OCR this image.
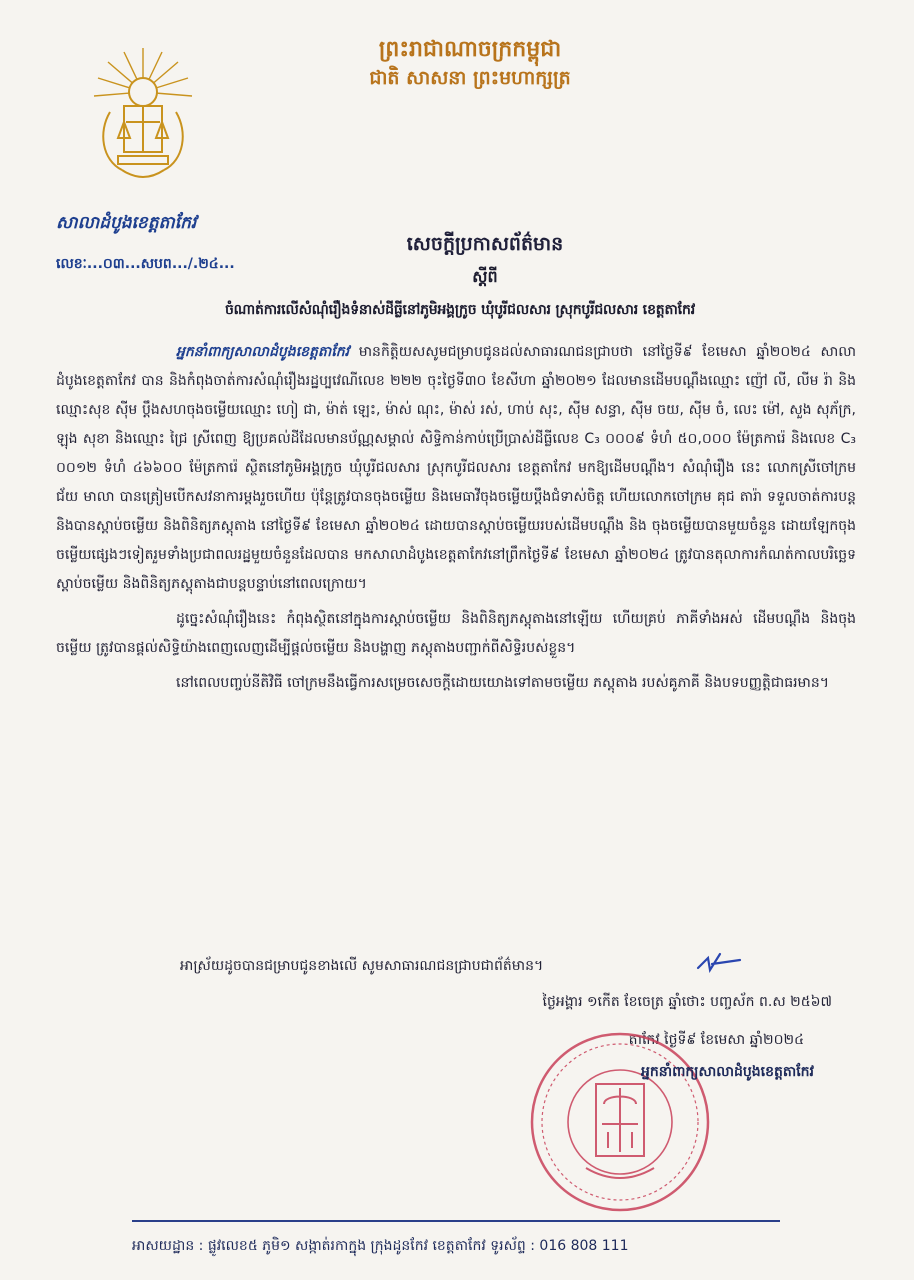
ព្រះរាជាណាចក្រកម្ពុជា
ជាតិ សាសនា ព្រះមហាក្សត្រ
សាលាដំបូងខេត្តតាកែវ
លេខៈ...០៣...សបព.../.២៤...
សេចក្តីប្រកាសព័ត៌មាន
ស្តីពី
ចំណាត់ការលើសំណុំរឿងទំនាស់ដីធ្លីនៅភូមិអង្គក្រូច ឃុំបូរីជលសារ ស្រុកបូរីជលសារ ខេត្តតាកែវ

អ្នកនាំពាក្យសាលាដំបូងខេត្តតាកែវ មានកិត្តិយសសូមជម្រាបជូនដល់សាធារណជនជ្រាបថា នៅថ្ងៃទី៩ ខែមេសា ឆ្នាំ២០២៤ សាលាដំបូងខេត្តតាកែវ បាន និងកំពុងចាត់ការសំណុំរឿងរដ្ឋប្បវេណីលេខ ២២២ ចុះថ្ងៃទី៣០ ខែសីហា ឆ្នាំ២០២១ ដែលមានដើមបណ្តឹងឈ្មោះ ញ៉ៅ លី, លីម រ៉ា និងឈ្មោះសុខ ស៊ីម ប្តឹងសហចុងចម្លើយឈ្មោះ ហៀ ជា, ម៉ាត់ ឡេះ, ម៉ាស់ ណុះ, ម៉ាស់ រស់, ហាប់ សុះ, ស៊ីម សន្ធា, ស៊ីម ចយ, ស៊ីម ចំ, លេះ ម៉ៅ, សួង សុភ័ក្រ, ឡុង សុខា និងឈ្មោះ ជ្រៃ ស្រីពេញ ឱ្យប្រគល់ដីដែលមានប័ណ្ណសម្គាល់ សិទ្ធិកាន់កាប់ប្រើប្រាស់ដីធ្លីលេខ C₃ ០០០៩ ទំហំ ៥០,០០០ ម៉ែត្រការ៉េ និងលេខ C₃ ០០១២ ទំហំ ៤៦៦០០ ម៉ែត្រការ៉េ ស្ថិតនៅភូមិអង្គក្រូច ឃុំបូរីជលសារ ស្រុកបូរីជលសារ ខេត្តតាកែវ មកឱ្យដើមបណ្តឹង។ សំណុំរឿង នេះ លោកស្រីចៅក្រម ជ័យ មាលា បានត្រៀមបើកសវនាការម្តងរួចហើយ ប៉ុន្តែត្រូវបានចុងចម្លើយ និងមេធាវីចុងចម្លើយប្តឹងជំទាស់ចិត្ត ហើយលោកចៅក្រម គុជ តារ៉ា ទទួលចាត់ការបន្ត និងបានស្តាប់ចម្លើយ និងពិនិត្យភស្តុតាង នៅថ្ងៃទី៩ ខែមេសា ឆ្នាំ២០២៤ ដោយបានស្តាប់ចម្លើយរបស់ដើមបណ្តឹង និង ចុងចម្លើយបានមួយចំនួន ដោយឡែកចុងចម្លើយផ្សេងៗទៀតរួមទាំងប្រជាពលរដ្ឋមួយចំនួនដែលបាន មកសាលាដំបូងខេត្តតាកែវនៅព្រឹកថ្ងៃទី៩ ខែមេសា ឆ្នាំ២០២៤ ត្រូវបានតុលាការកំណត់កាលបរិច្ឆេទ ស្តាប់ចម្លើយ និងពិនិត្យភស្តុតាងជាបន្តបន្ទាប់នៅពេលក្រោយ។

ដូច្នេះសំណុំរឿងនេះ កំពុងស្ថិតនៅក្នុងការស្តាប់ចម្លើយ និងពិនិត្យភស្តុតាងនៅឡើយ ហើយគ្រប់ ភាគីទាំងអស់ ដើមបណ្តឹង និងចុងចម្លើយ ត្រូវបានផ្តល់សិទ្ធិយ៉ាងពេញលេញដើម្បីផ្តល់ចម្លើយ និងបង្ហាញ ភស្តុតាងបញ្ជាក់ពីសិទ្ធិរបស់ខ្លួន។

នៅពេលបញ្ចប់នីតិវិធី ចៅក្រមនឹងធ្វើការសម្រេចសេចក្តីដោយយោងទៅតាមចម្លើយ ភស្តុតាង របស់គូភាគី និងបទបញ្ញត្តិជាធរមាន។

អាស្រ័យដូចបានជម្រាបជូនខាងលើ សូមសាធារណជនជ្រាបជាព័ត៌មាន។
ថ្ងៃអង្គារ ១កើត ខែចេត្រ ឆ្នាំថោះ បញ្ចស័ក ព.ស ២៥៦៧
តាកែវ ថ្ងៃទី៩ ខែមេសា ឆ្នាំ២០២៤
អ្នកនាំពាក្យសាលាដំបូងខេត្តតាកែវ
អាសយដ្ឋាន : ផ្លូវលេខ៥ ភូមិ១ សង្កាត់រកាក្នុង ក្រុងដូនកែវ ខេត្តតាកែវ ទូរស័ព្ទ : 016 808 111
